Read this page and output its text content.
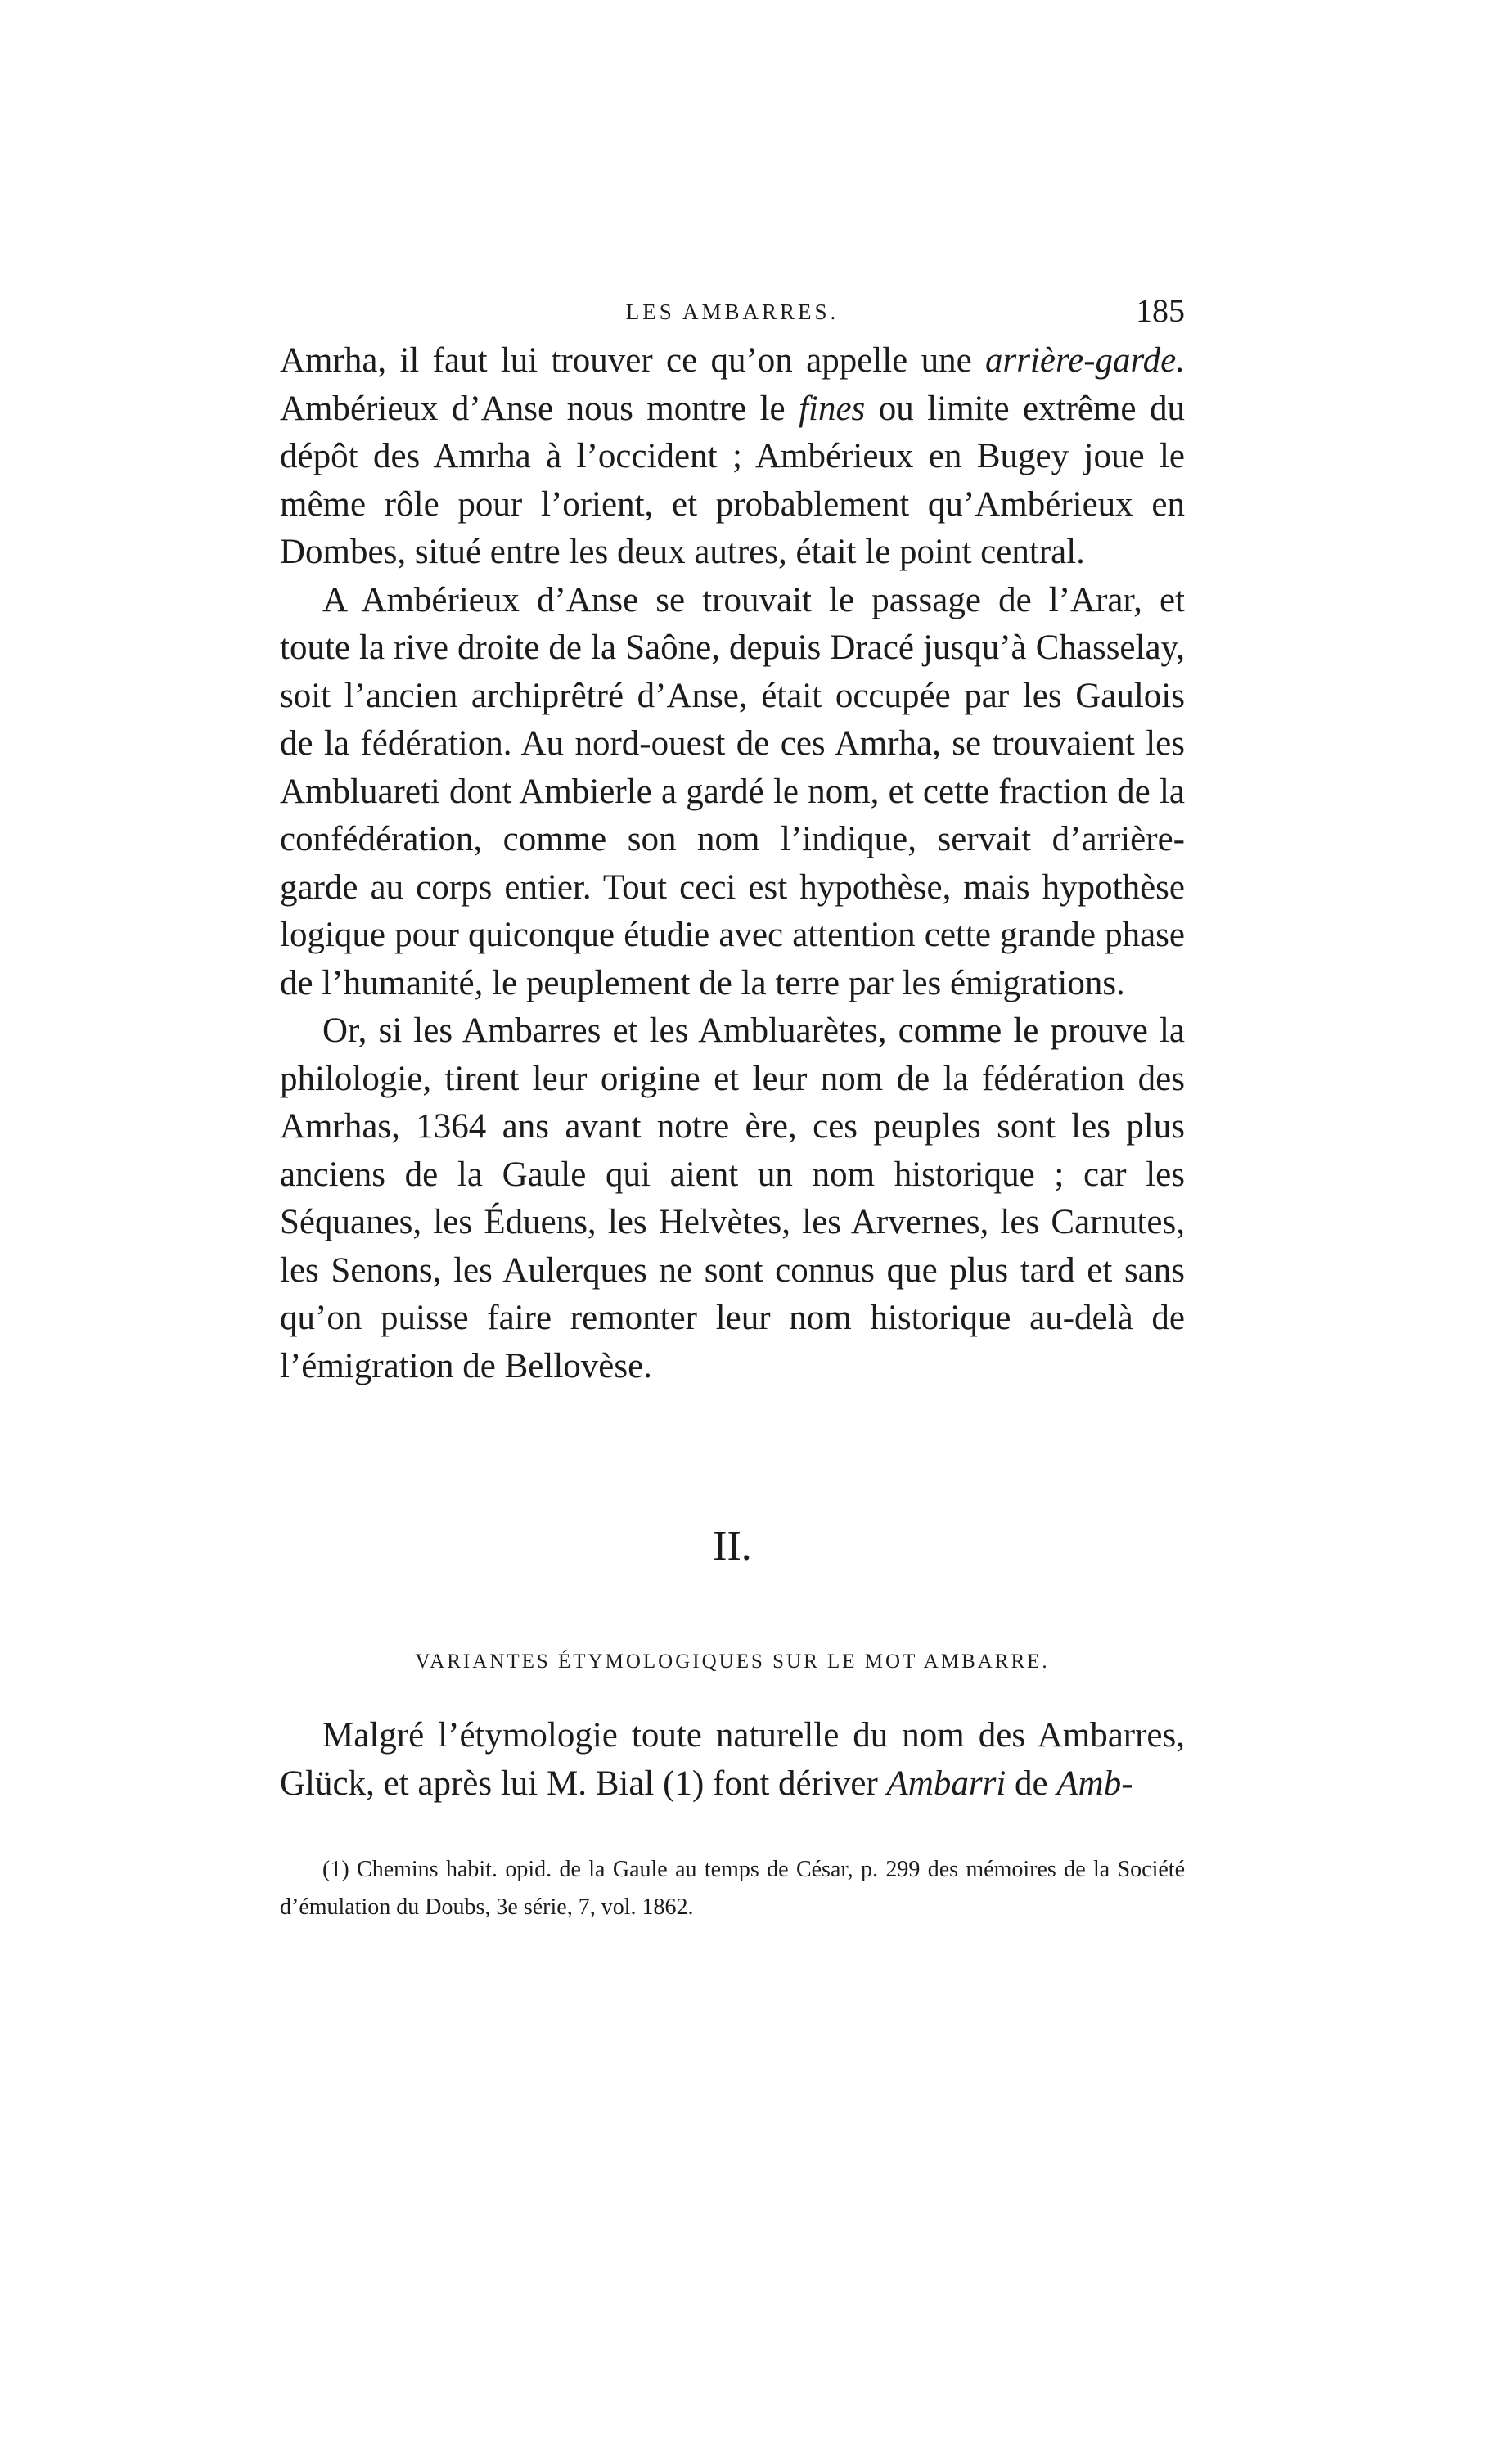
LES AMBARRES.	185

Amrha, il faut lui trouver ce qu’on appelle une arrière-garde. Ambérieux d’Anse nous montre le fines ou limite extrême du dépôt des Amrha à l’occident ; Ambérieux en Bugey joue le même rôle pour l’orient, et probablement qu’Ambérieux en Dombes, situé entre les deux autres, était le point central.

A Ambérieux d’Anse se trouvait le passage de l’Arar, et toute la rive droite de la Saône, depuis Dracé jusqu’à Chasselay, soit l’ancien archiprêtré d’Anse, était occupée par les Gaulois de la fédération. Au nord-ouest de ces Amrha, se trouvaient les Ambluareti dont Ambierle a gardé le nom, et cette fraction de la confédération, comme son nom l’indique, servait d’arrière-garde au corps entier. Tout ceci est hypothèse, mais hypothèse logique pour quiconque étudie avec attention cette grande phase de l’humanité, le peuplement de la terre par les émigrations.

Or, si les Ambarres et les Ambluarètes, comme le prouve la philologie, tirent leur origine et leur nom de la fédération des Amrhas, 1364 ans avant notre ère, ces peuples sont les plus anciens de la Gaule qui aient un nom historique ; car les Séquanes, les Éduens, les Helvètes, les Arvernes, les Carnutes, les Senons, les Aulerques ne sont connus que plus tard et sans qu’on puisse faire remonter leur nom historique au-delà de l’émigration de Bellovèse.

II.
VARIANTES ÉTYMOLOGIQUES SUR LE MOT AMBARRE.

Malgré l’étymologie toute naturelle du nom des Ambarres, Glück, et après lui M. Bial (1) font dériver Ambarri de Amb-

(1) Chemins habit. opid. de la Gaule au temps de César, p. 299 des mémoires de la Société d’émulation du Doubs, 3e série, 7, vol. 1862.
